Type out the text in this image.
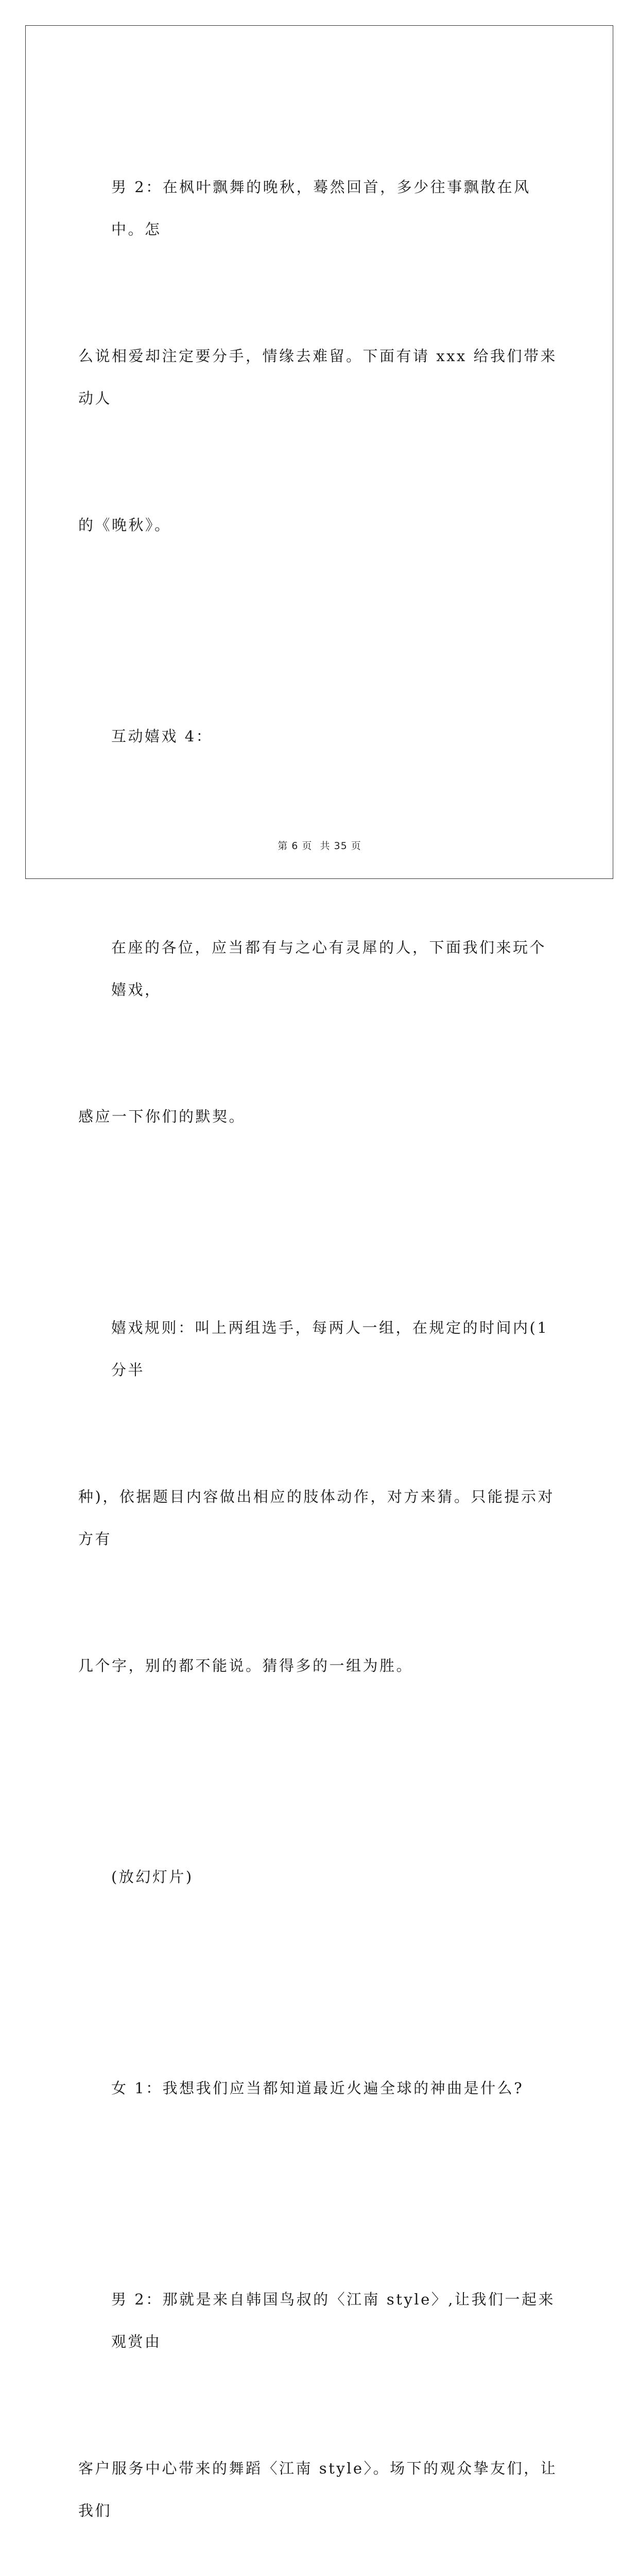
男 2：在枫叶飘舞的晚秋，蓦然回首，多少往事飘散在风中。怎

么说相爱却注定要分手，情缘去难留。下面有请 xxx 给我们带来动人

的《晚秋》。

互动嬉戏 4：

在座的各位，应当都有与之心有灵犀的人，下面我们来玩个嬉戏，

感应一下你们的默契。

嬉戏规则：叫上两组选手，每两人一组，在规定的时间内(1 分半

种)，依据题目内容做出相应的肢体动作，对方来猜。只能提示对方有

几个字，别的都不能说。猜得多的一组为胜。

(放幻灯片)

女 1：我想我们应当都知道最近火遍全球的神曲是什么?

男 2：那就是来自韩国鸟叔的〈江南 style〉,让我们一起来观赏由

客户服务中心带来的舞蹈〈江南 style〉。场下的观众挚友们，让我们

第 6 页 共 35 页
